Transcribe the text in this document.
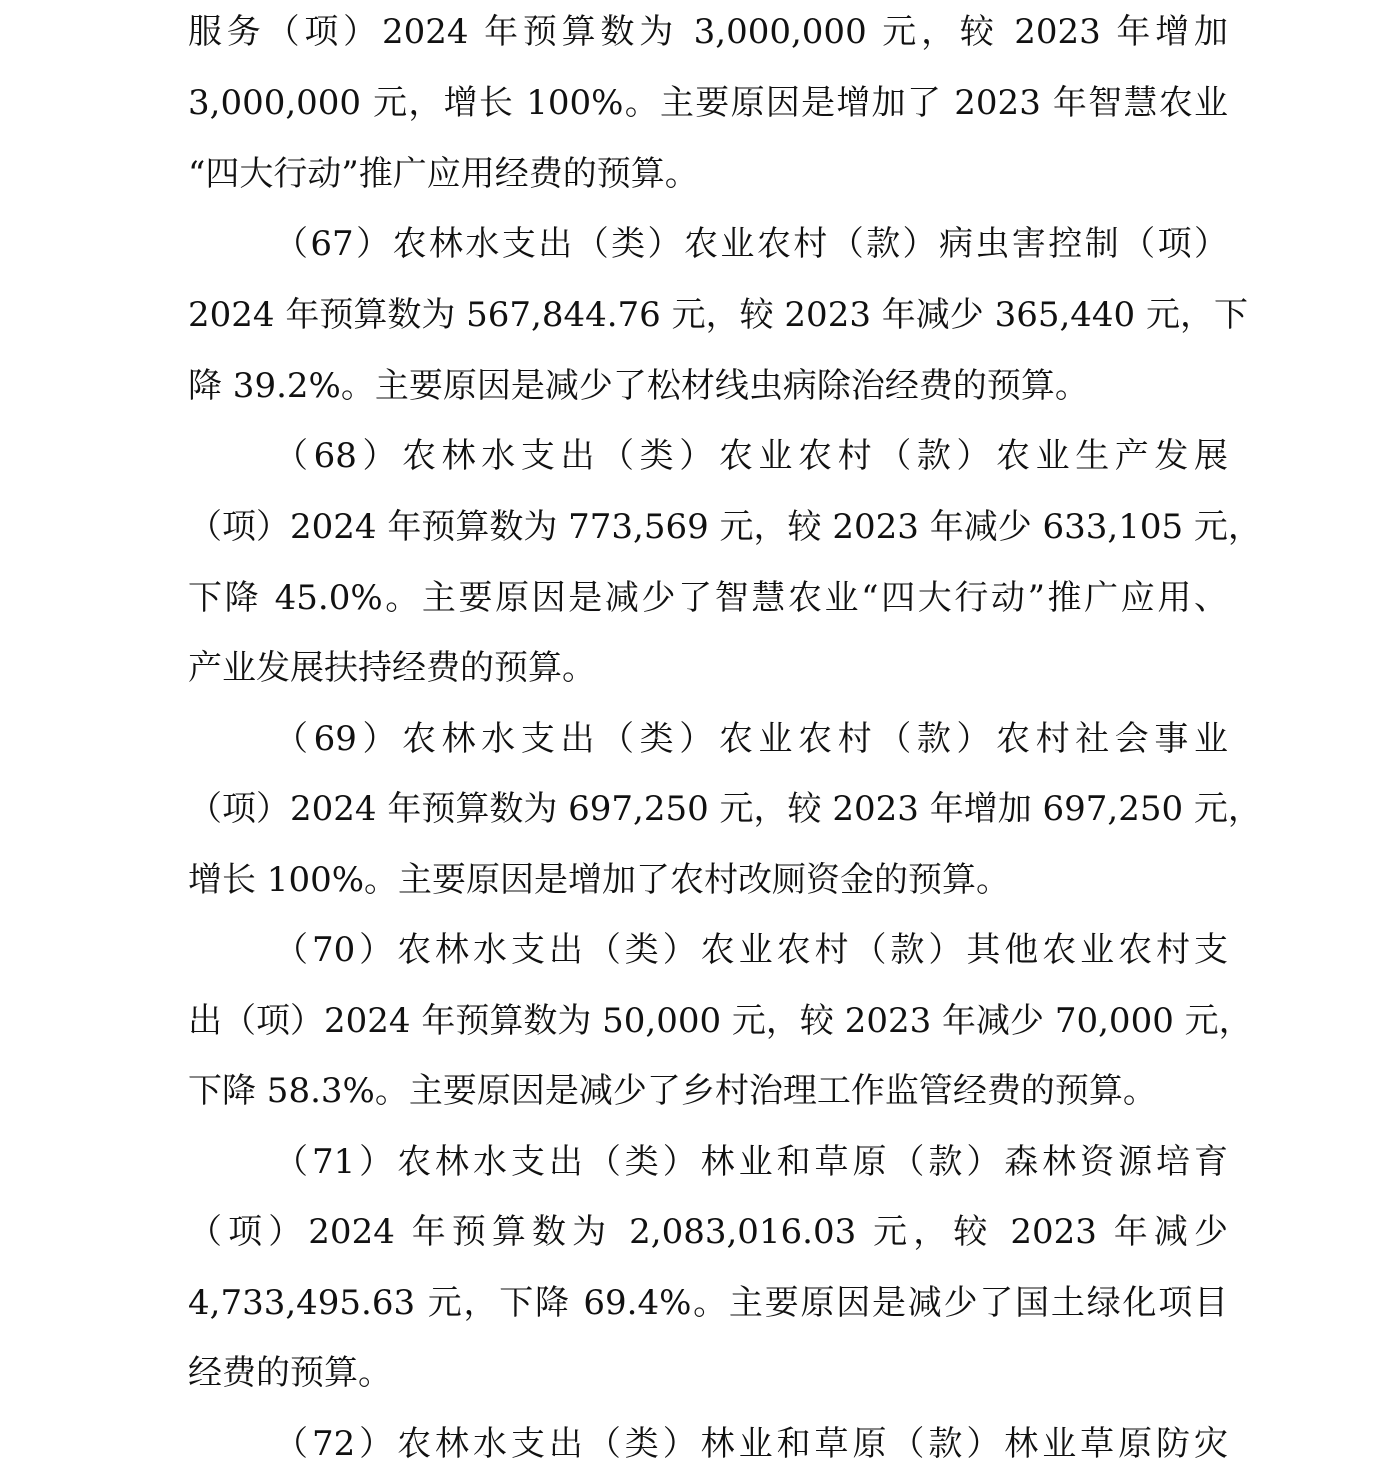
服务（项）2024 年预算数为 3,000,000 元，较 2023 年增加
3,000,000 元，增长 100%。主要原因是增加了 2023 年智慧农业
“四大行动”推广应用经费的预算。
（67）农林水支出（类）农业农村（款）病虫害控制（项）
2024 年预算数为 567,844.76 元，较 2023 年减少 365,440 元，下
降 39.2%。主要原因是减少了松材线虫病除治经费的预算。
（68）农林水支出（类）农业农村（款）农业生产发展
（项）2024 年预算数为 773,569 元，较 2023 年减少 633,105 元，
下降 45.0%。主要原因是减少了智慧农业“四大行动”推广应用、
产业发展扶持经费的预算。
（69）农林水支出（类）农业农村（款）农村社会事业
（项）2024 年预算数为 697,250 元，较 2023 年增加 697,250 元，
增长 100%。主要原因是增加了农村改厕资金的预算。
（70）农林水支出（类）农业农村（款）其他农业农村支
出（项）2024 年预算数为 50,000 元，较 2023 年减少 70,000 元，
下降 58.3%。主要原因是减少了乡村治理工作监管经费的预算。
（71）农林水支出（类）林业和草原（款）森林资源培育
（项）2024 年预算数为 2,083,016.03 元，较 2023 年减少
4,733,495.63 元，下降 69.4%。主要原因是减少了国土绿化项目
经费的预算。
（72）农林水支出（类）林业和草原（款）林业草原防灾
